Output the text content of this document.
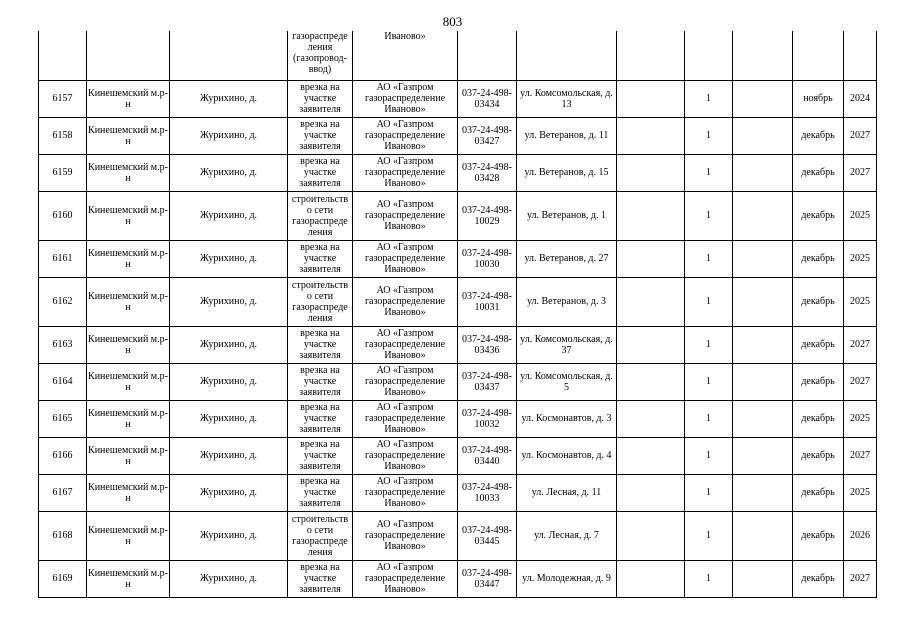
803
			газораспреде ления (газопровод-ввод)	Иваново»							
6157	Кинешемский м.р-н	Журихино, д.	врезка на участке заявителя	АО «Газпром газораспределение Иваново»	037-24-498-03434	ул. Комсомольская, д. 13		1		ноябрь	2024
6158	Кинешемский м.р-н	Журихино, д.	врезка на участке заявителя	АО «Газпром газораспределение Иваново»	037-24-498-03427	ул. Ветеранов, д. 11		1		декабрь	2027
6159	Кинешемский м.р-н	Журихино, д.	врезка на участке заявителя	АО «Газпром газораспределение Иваново»	037-24-498-03428	ул. Ветеранов, д. 15		1		декабрь	2027
6160	Кинешемский м.р-н	Журихино, д.	строительств о сети газораспреде ления	АО «Газпром газораспределение Иваново»	037-24-498-10029	ул. Ветеранов, д. 1		1		декабрь	2025
6161	Кинешемский м.р-н	Журихино, д.	врезка на участке заявителя	АО «Газпром газораспределение Иваново»	037-24-498-10030	ул. Ветеранов, д. 27		1		декабрь	2025
6162	Кинешемский м.р-н	Журихино, д.	строительств о сети газораспреде ления	АО «Газпром газораспределение Иваново»	037-24-498-10031	ул. Ветеранов, д. 3		1		декабрь	2025
6163	Кинешемский м.р-н	Журихино, д.	врезка на участке заявителя	АО «Газпром газораспределение Иваново»	037-24-498-03436	ул. Комсомольская, д. 37		1		декабрь	2027
6164	Кинешемский м.р-н	Журихино, д.	врезка на участке заявителя	АО «Газпром газораспределение Иваново»	037-24-498-03437	ул. Комсомольская, д. 5		1		декабрь	2027
6165	Кинешемский м.р-н	Журихино, д.	врезка на участке заявителя	АО «Газпром газораспределение Иваново»	037-24-498-10032	ул. Космонавтов, д. 3		1		декабрь	2025
6166	Кинешемский м.р-н	Журихино, д.	врезка на участке заявителя	АО «Газпром газораспределение Иваново»	037-24-498-03440	ул. Космонавтов, д. 4		1		декабрь	2027
6167	Кинешемский м.р-н	Журихино, д.	врезка на участке заявителя	АО «Газпром газораспределение Иваново»	037-24-498-10033	ул. Лесная, д. 11		1		декабрь	2025
6168	Кинешемский м.р-н	Журихино, д.	строительств о сети газораспреде ления	АО «Газпром газораспределение Иваново»	037-24-498-03445	ул. Лесная, д. 7		1		декабрь	2026
6169	Кинешемский м.р-н	Журихино, д.	врезка на участке заявителя	АО «Газпром газораспределение Иваново»	037-24-498-03447	ул. Молодежная, д. 9		1		декабрь	2027
